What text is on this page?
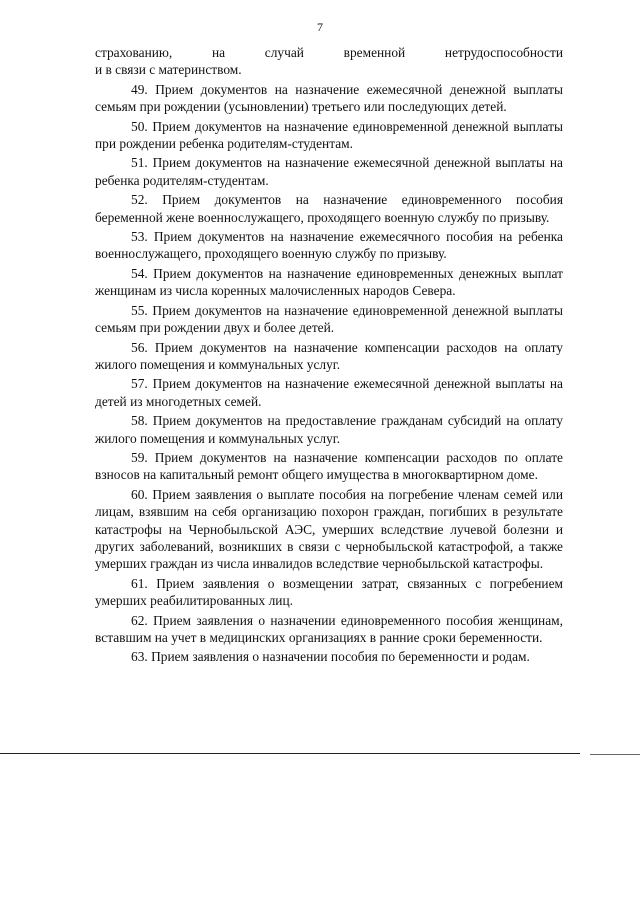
7

страхованию, на случай временной нетрудоспособности

и в связи с материнством.

49. Прием документов на назначение ежемесячной денежной выплаты семьям при рождении (усыновлении) третьего или последующих детей.

50. Прием документов на назначение единовременной денежной выплаты при рождении ребенка родителям-студентам.

51. Прием документов на назначение ежемесячной денежной выплаты на ребенка родителям-студентам.

52. Прием документов на назначение единовременного пособия беременной жене военнослужащего, проходящего военную службу по призыву.

53. Прием документов на назначение ежемесячного пособия на ребенка военнослужащего, проходящего военную службу по призыву.

54. Прием документов на назначение единовременных денежных выплат женщинам из числа коренных малочисленных народов Севера.

55. Прием документов на назначение единовременной денежной выплаты семьям при рождении двух и более детей.

56. Прием документов на назначение компенсации расходов на оплату жилого помещения и коммунальных услуг.

57. Прием документов на назначение ежемесячной денежной выплаты на детей из многодетных семей.

58. Прием документов на предоставление гражданам субсидий на оплату жилого помещения и коммунальных услуг.

59. Прием документов на назначение компенсации расходов по оплате взносов на капитальный ремонт общего имущества в многоквартирном доме.

60. Прием заявления о выплате пособия на погребение членам семей или лицам, взявшим на себя организацию похорон граждан, погибших в результате катастрофы на Чернобыльской АЭС, умерших вследствие лучевой болезни и других заболеваний, возникших в связи с чернобыльской катастрофой, а также умерших граждан из числа инвалидов вследствие чернобыльской катастрофы.

61. Прием заявления о возмещении затрат, связанных с погребением умерших реабилитированных лиц.

62. Прием заявления о назначении единовременного пособия женщинам, вставшим на учет в медицинских организациях в ранние сроки беременности.

63. Прием заявления о назначении пособия по беременности и родам.
